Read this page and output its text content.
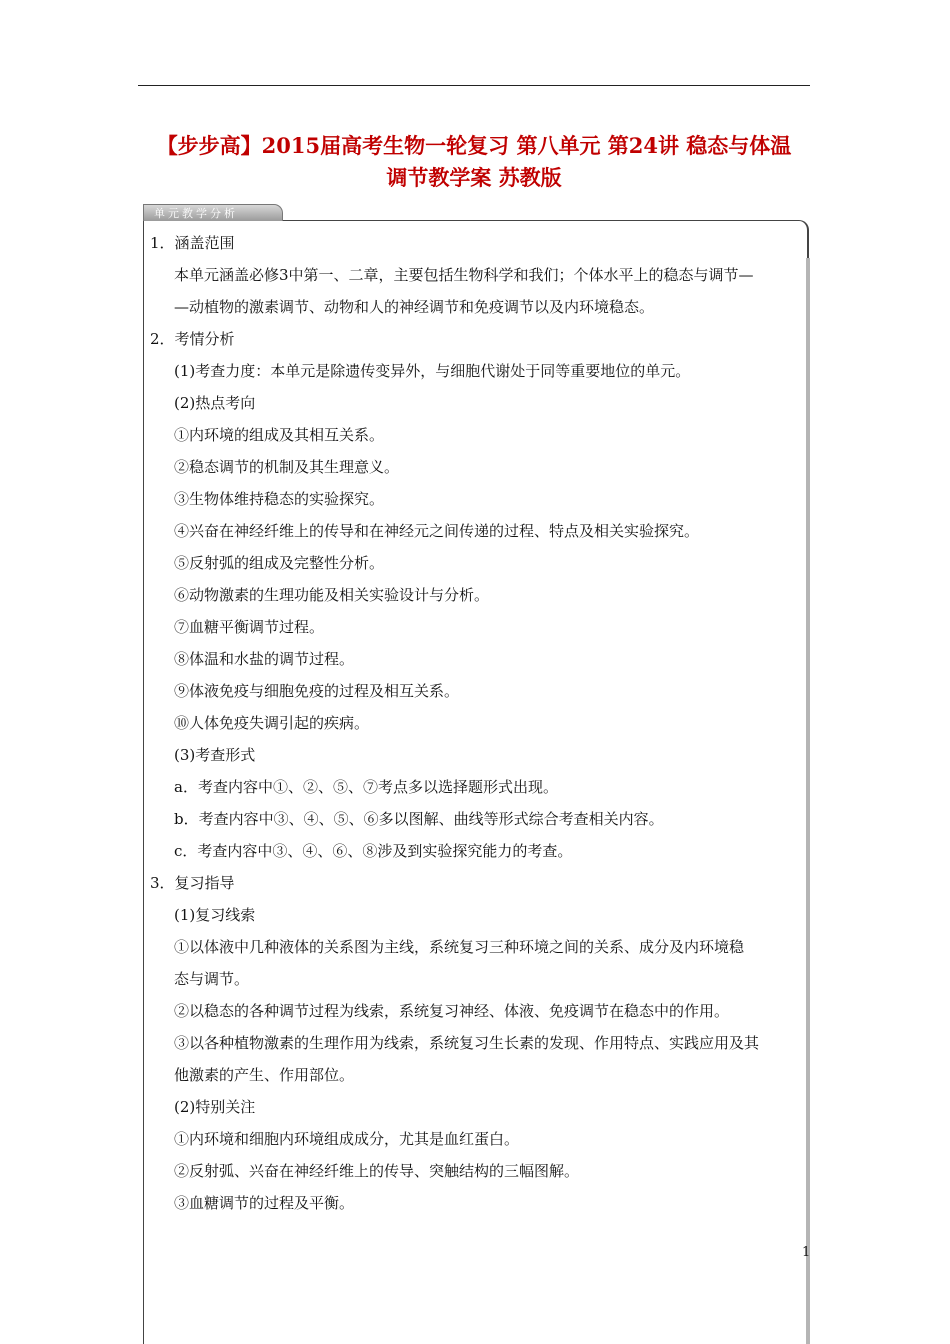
【步步高】2015届高考生物一轮复习 第八单元 第24讲 稳态与体温
调节教学案 苏教版
单元教学分析

1．涵盖范围

本单元涵盖必修3中第一、二章，主要包括生物科学和我们；个体水平上的稳态与调节—

—动植物的激素调节、动物和人的神经调节和免疫调节以及内环境稳态。

2．考情分析

(1)考查力度：本单元是除遗传变异外，与细胞代谢处于同等重要地位的单元。

(2)热点考向

①内环境的组成及其相互关系。

②稳态调节的机制及其生理意义。

③生物体维持稳态的实验探究。

④兴奋在神经纤维上的传导和在神经元之间传递的过程、特点及相关实验探究。

⑤反射弧的组成及完整性分析。

⑥动物激素的生理功能及相关实验设计与分析。

⑦血糖平衡调节过程。

⑧体温和水盐的调节过程。

⑨体液免疫与细胞免疫的过程及相互关系。

⑩人体免疫失调引起的疾病。

(3)考查形式

a．考查内容中①、②、⑤、⑦考点多以选择题形式出现。

b．考查内容中③、④、⑤、⑥多以图解、曲线等形式综合考查相关内容。

c．考查内容中③、④、⑥、⑧涉及到实验探究能力的考查。

3．复习指导

(1)复习线索

①以体液中几种液体的关系图为主线，系统复习三种环境之间的关系、成分及内环境稳

态与调节。

②以稳态的各种调节过程为线索，系统复习神经、体液、免疫调节在稳态中的作用。

③以各种植物激素的生理作用为线索，系统复习生长素的发现、作用特点、实践应用及其

他激素的产生、作用部位。

(2)特别关注

①内环境和细胞内环境组成成分，尤其是血红蛋白。

②反射弧、兴奋在神经纤维上的传导、突触结构的三幅图解。

③血糖调节的过程及平衡。

1
